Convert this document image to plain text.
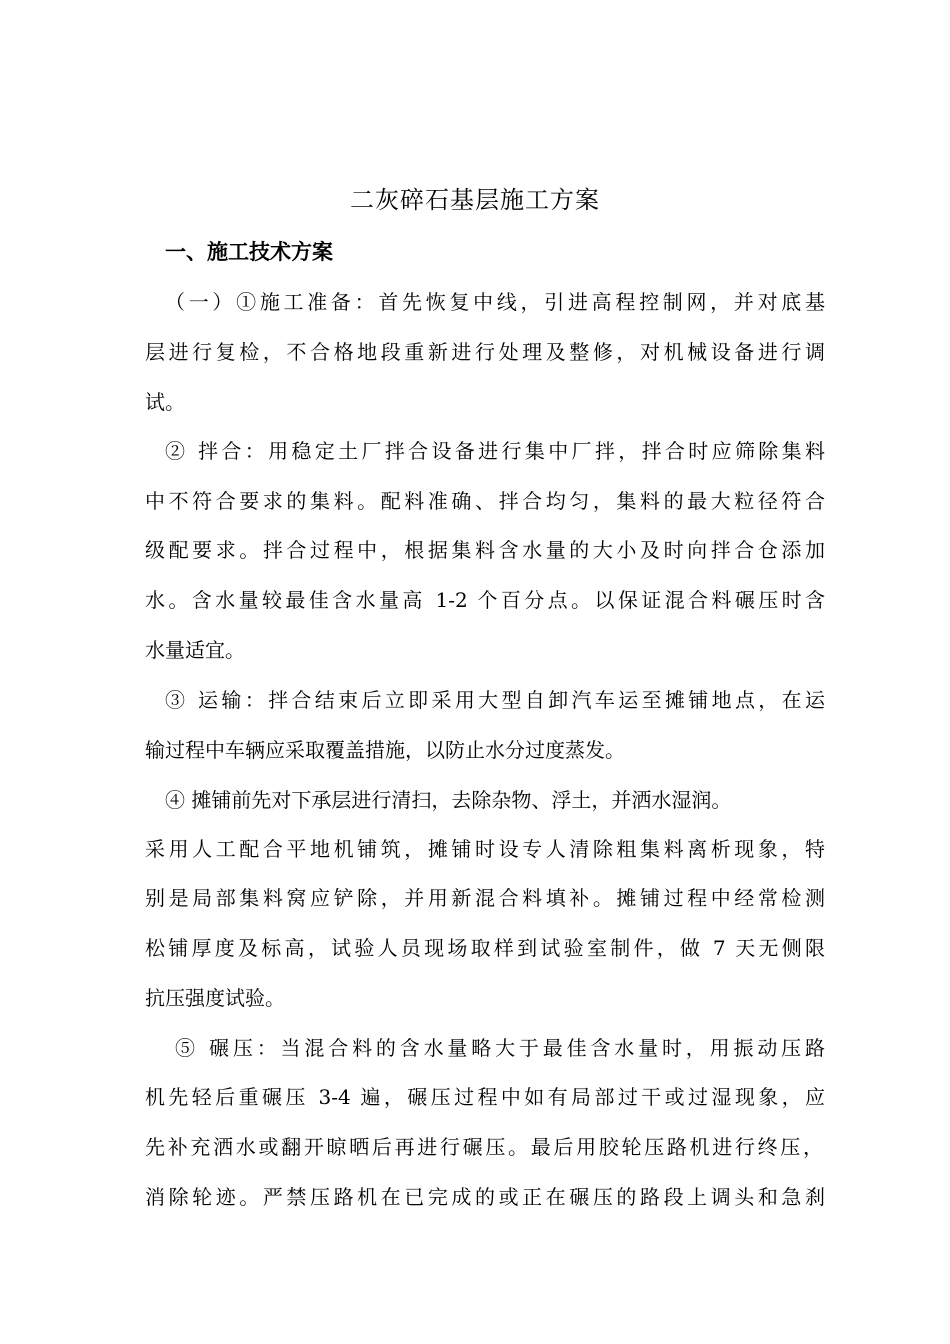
二灰碎石基层施工方案
一、施工技术方案
（一）①施工准备：首先恢复中线，引进高程控制网，并对底基
层进行复检，不合格地段重新进行处理及整修，对机械设备进行调
试。
② 拌合：用稳定土厂拌合设备进行集中厂拌，拌合时应筛除集料
中不符合要求的集料。配料准确、拌合均匀，集料的最大粒径符合
级配要求。拌合过程中，根据集料含水量的大小及时向拌合仓添加
水。含水量较最佳含水量高 1-2 个百分点。以保证混合料碾压时含
水量适宜。
③ 运输：拌合结束后立即采用大型自卸汽车运至摊铺地点，在运
输过程中车辆应采取覆盖措施，以防止水分过度蒸发。
④ 摊铺前先对下承层进行清扫，去除杂物、浮土，并洒水湿润。
采用人工配合平地机铺筑，摊铺时设专人清除粗集料离析现象，特
别是局部集料窝应铲除，并用新混合料填补。摊铺过程中经常检测
松铺厚度及标高，试验人员现场取样到试验室制件，做 7 天无侧限
抗压强度试验。
⑤ 碾压：当混合料的含水量略大于最佳含水量时，用振动压路
机先轻后重碾压 3-4 遍，碾压过程中如有局部过干或过湿现象，应
先补充洒水或翻开晾晒后再进行碾压。最后用胶轮压路机进行终压，
消除轮迹。严禁压路机在已完成的或正在碾压的路段上调头和急刹
